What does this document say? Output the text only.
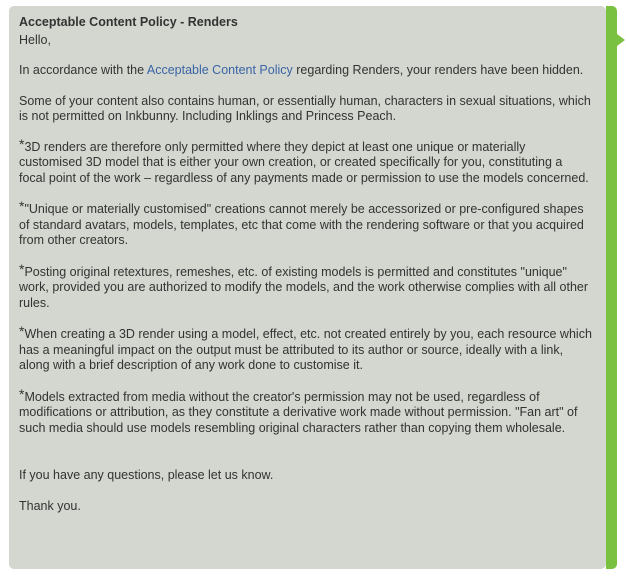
Acceptable Content Policy - Renders
Hello,
In accordance with the Acceptable Content Policy regarding Renders, your renders have been hidden.
Some of your content also contains human, or essentially human, characters in sexual situations, which is not permitted on Inkbunny. Including Inklings and Princess Peach.
*3D renders are therefore only permitted where they depict at least one unique or materially customised 3D model that is either your own creation, or created specifically for you, constituting a focal point of the work – regardless of any payments made or permission to use the models concerned.
*"Unique or materially customised" creations cannot merely be accessorized or pre-configured shapes of standard avatars, models, templates, etc that come with the rendering software or that you acquired from other creators.
*Posting original retextures, remeshes, etc. of existing models is permitted and constitutes "unique" work, provided you are authorized to modify the models, and the work otherwise complies with all other rules.
*When creating a 3D render using a model, effect, etc. not created entirely by you, each resource which has a meaningful impact on the output must be attributed to its author or source, ideally with a link, along with a brief description of any work done to customise it.
*Models extracted from media without the creator's permission may not be used, regardless of modifications or attribution, as they constitute a derivative work made without permission. "Fan art" of such media should use models resembling original characters rather than copying them wholesale.
If you have any questions, please let us know.
Thank you.
